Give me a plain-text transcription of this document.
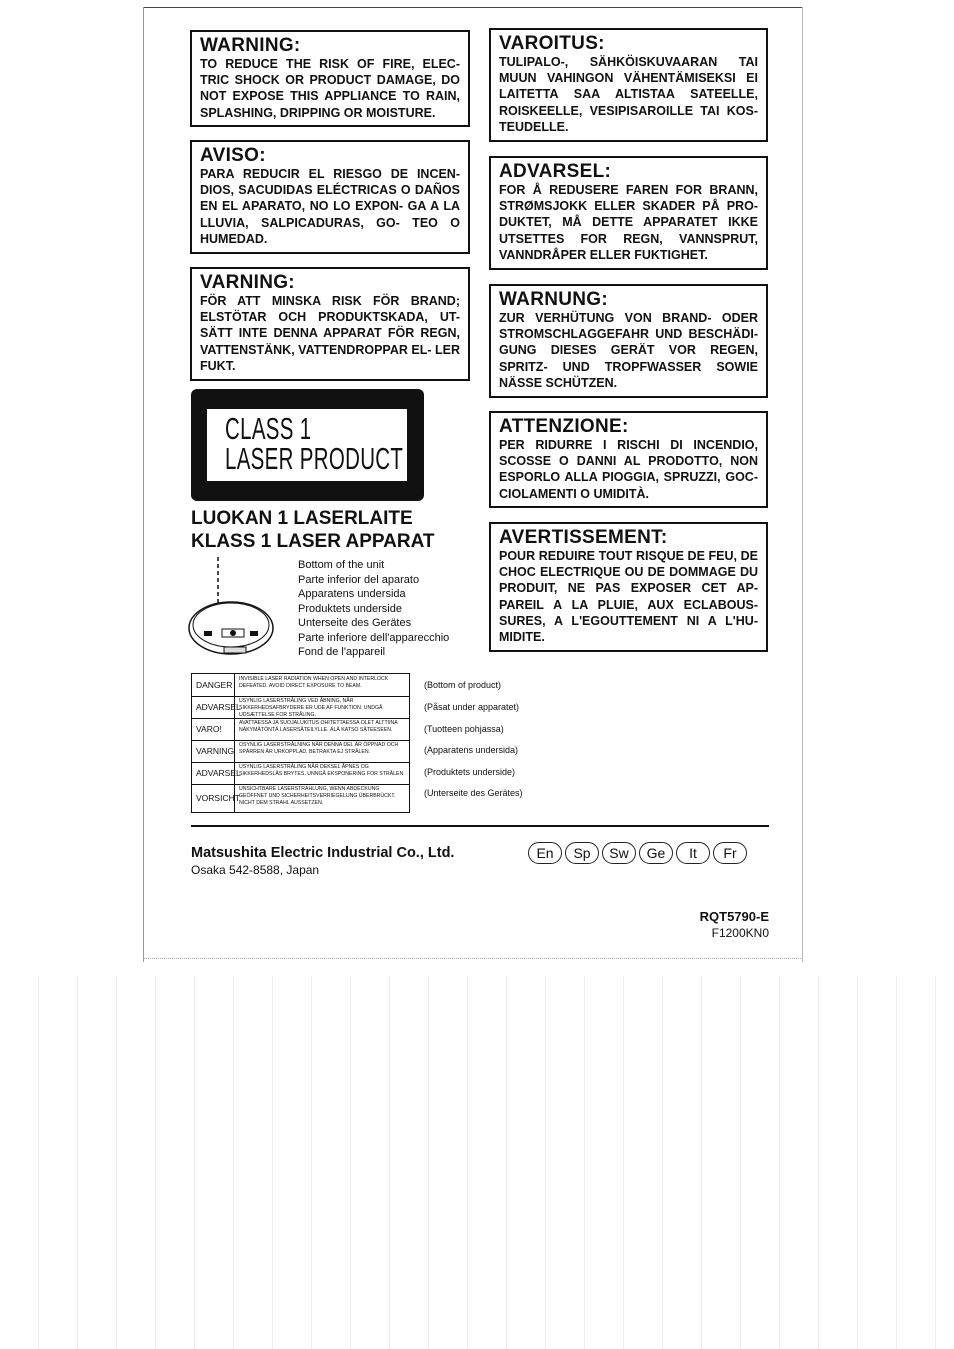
WARNING:
TO REDUCE THE RISK OF FIRE, ELEC- TRIC SHOCK OR PRODUCT DAMAGE, DO NOT EXPOSE THIS APPLIANCE TO RAIN, SPLASHING, DRIPPING OR MOISTURE.
AVISO:
PARA REDUCIR EL RIESGO DE INCEN- DIOS, SACUDIDAS ELÉCTRICAS O DAÑOS EN EL APARATO, NO LO EXPON- GA A LA LLUVIA, SALPICADURAS, GO- TEO O HUMEDAD.
VARNING:
FÖR ATT MINSKA RISK FÖR BRAND; ELSTÖTAR OCH PRODUKTSKADA, UT- SÄTT INTE DENNA APPARAT FÖR REGN, VATTENSTÄNK, VATTENDROPPAR EL- LER FUKT.
VAROITUS:
TULIPALO-, SÄHKÖISKUVAARAN TAI MUUN VAHINGON VÄHENTÄMISEKSI EI LAITETTA SAA ALTISTAA SATEELLE, ROISKEELLE, VESIPISAROILLE TAI KOS- TEUDELLE.
ADVARSEL:
FOR Å REDUSERE FAREN FOR BRANN, STRØMSJOKK ELLER SKADER PÅ PRO- DUKTET, MÅ DETTE APPARATET IKKE UTSETTES FOR REGN, VANNSPRUT, VANNDRÅPER ELLER FUKTIGHET.
WARNUNG:
ZUR VERHÜTUNG VON BRAND- ODER STROMSCHLAGGEFAHR UND BESCHÄDI- GUNG DIESES GERÄT VOR REGEN, SPRITZ- UND TROPFWASSER SOWIE NÄSSE SCHÜTZEN.
ATTENZIONE:
PER RIDURRE I RISCHI DI INCENDIO, SCOSSE O DANNI AL PRODOTTO, NON ESPORLO ALLA PIOGGIA, SPRUZZI, GOC- CIOLAMENTI O UMIDITÀ.
AVERTISSEMENT:
POUR REDUIRE TOUT RISQUE DE FEU, DE CHOC ELECTRIQUE OU DE DOMMAGE DU PRODUIT, NE PAS EXPOSER CET AP- PAREIL A LA PLUIE, AUX ECLABOUS- SURES, A L'EGOUTTEMENT NI A L'HU- MIDITE.
CLASS 1
LASER PRODUCT
LUOKAN 1 LASERLAITE
KLASS 1 LASER APPARAT
Bottom of the unit
Parte inferior del aparato
Apparatens undersida
Produktets underside
Unterseite des Gerätes
Parte inferiore dell'apparecchio
Fond de l'appareil
DANGER
INVISIBLE LASER RADIATION WHEN OPEN AND INTERLOCK DEFEATED. AVOID DIRECT EXPOSURE TO BEAM.
ADVARSEL
USYNLIG LASERSTRÅLING VED ÅBNING, NÅR SIKKERHEDSAFBRYDERE ER UDE AF FUNKTION. UNDGÅ UDSÆTTELSE FOR STRÅLING.
VARO!
AVATTAESSA JA SUOJALUKITUS OHITETTAESSA OLET ALTTIINA NÄKYMÄTÖNTÄ LASERSÄTEILYLLE. ÄLÄ KATSO SÄTEESEEN.
VARNING
OSYNLIG LASERSTRÅLNING NÄR DENNA DEL ÄR ÖPPNAD OCH SPÄRREN ÄR URKOPPLAD. BETRAKTA EJ STRÅLEN.
ADVARSEL
USYNLIG LASERSTRÅLING NÅR DEKSEL ÅPNES OG SIKKERHEDSLÅS BRYTES. UNNGÅ EKSPONERING FOR STRÅLEN.
VORSICHT
UNSICHTBARE LASERSTRAHLUNG, WENN ABDECKUNG GEÖFFNET UND SICHERHEITSVERRIEGELUNG ÜBERBRÜCKT. NICHT DEM STRAHL AUSSETZEN.
(Bottom of product)
(Påsat under apparatet)
(Tuotteen pohjassa)
(Apparatens undersida)
(Produktets underside)
(Unterseite des Gerätes)
Matsushita Electric Industrial Co., Ltd.
Osaka 542-8588, Japan
En Sp Sw Ge It Fr
RQT5790-E
F1200KN0
